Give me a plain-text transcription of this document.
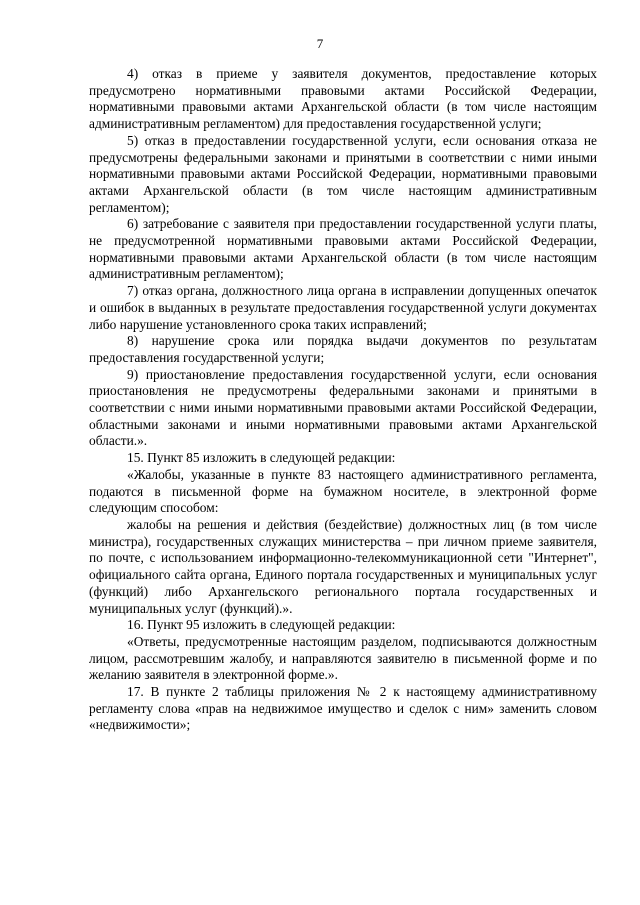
7

4) отказ в приеме у заявителя документов, предоставление которых предусмотрено нормативными правовыми актами Российской Федерации, нормативными правовыми актами Архангельской области (в том числе настоящим административным регламентом) для предоставления государственной услуги;

5) отказ в предоставлении государственной услуги, если основания отказа не предусмотрены федеральными законами и принятыми в соответствии с ними иными нормативными правовыми актами Российской Федерации, нормативными правовыми актами Архангельской области (в том числе настоящим административным регламентом);

6) затребование с заявителя при предоставлении государственной услуги платы, не предусмотренной нормативными правовыми актами Российской Федерации, нормативными правовыми актами Архангельской области (в том числе настоящим административным регламентом);

7) отказ органа, должностного лица органа в исправлении допущенных опечаток и ошибок в выданных в результате предоставления государственной услуги документах либо нарушение установленного срока таких исправлений;

8) нарушение срока или порядка выдачи документов по результатам предоставления государственной услуги;

9) приостановление предоставления государственной услуги, если основания приостановления не предусмотрены федеральными законами и принятыми в соответствии с ними иными нормативными правовыми актами Российской Федерации, областными законами и иными нормативными правовыми актами Архангельской области.».

15. Пункт 85 изложить в следующей редакции:

«Жалобы, указанные в пункте 83 настоящего административного регламента, подаются в письменной форме на бумажном носителе, в электронной форме следующим способом:

жалобы на решения и действия (бездействие) должностных лиц (в том числе министра), государственных служащих министерства – при личном приеме заявителя, по почте, с использованием информационно-телекоммуникационной сети "Интернет", официального сайта органа, Единого портала государственных и муниципальных услуг (функций) либо Архангельского регионального портала государственных и муниципальных услуг (функций).».

16. Пункт 95 изложить в следующей редакции:

«Ответы, предусмотренные настоящим разделом, подписываются должностным лицом, рассмотревшим жалобу, и направляются заявителю в письменной форме и по желанию заявителя в электронной форме.».

17. В пункте 2 таблицы приложения № 2 к настоящему административному регламенту слова «прав на недвижимое имущество и сделок с ним» заменить словом «недвижимости»;
